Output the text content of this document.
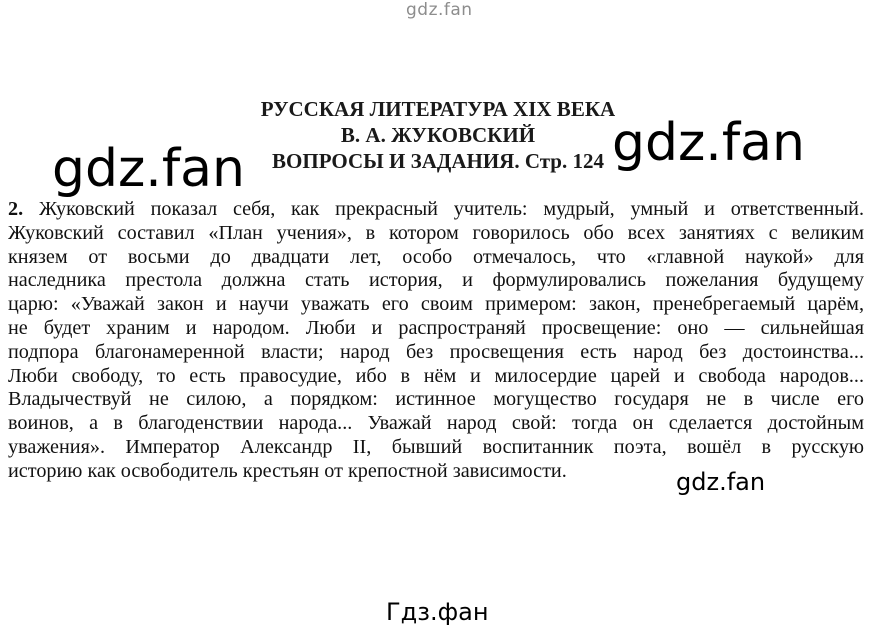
gdz.fan
РУССКАЯ ЛИТЕРАТУРА XIX ВЕКА
В. А. ЖУКОВСКИЙ
ВОПРОСЫ И ЗАДАНИЯ. Стр. 124
2. Жуковский показал себя, как прекрасный учитель: мудрый, умный и ответственный.
Жуковский составил «План учения», в котором говорилось обо всех занятиях с великим
князем от восьми до двадцати лет, особо отмечалось, что «главной наукой» для
наследника престола должна стать история, и формулировались пожелания будущему
царю: «Уважай закон и научи уважать его своим примером: закон, пренебрегаемый царём,
не будет храним и народом. Люби и распространяй просвещение: оно — сильнейшая
подпора благонамеренной власти; народ без просвещения есть народ без достоинства...
Люби свободу, то есть правосудие, ибо в нём и милосердие царей и свобода народов...
Владычествуй не силою, а порядком: истинное могущество государя не в числе его
воинов, а в благоденствии народа... Уважай народ свой: тогда он сделается достойным
уважения». Император Александр II, бывший воспитанник поэта, вошёл в русскую
историю как освободитель крестьян от крепостной зависимости.
gdz.fan	gdz.fan
gdz.fan
Гдз.фан
